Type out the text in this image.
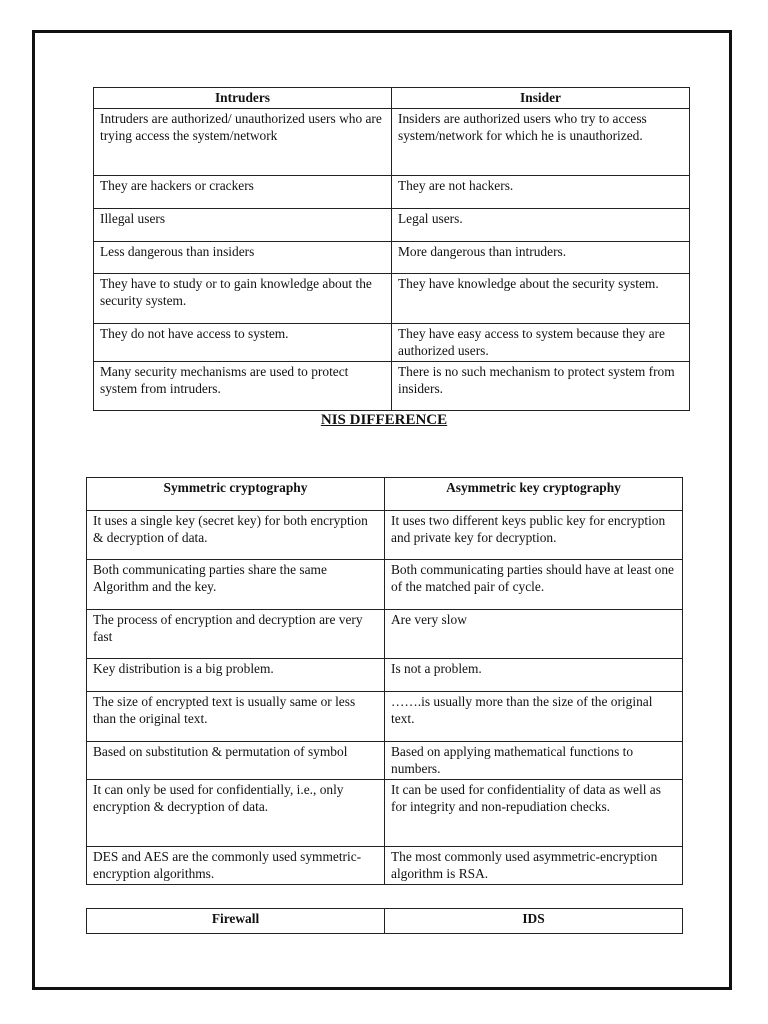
Intruders	Insider
Intruders are authorized/ unauthorized users who are trying access the system/network	Insiders are authorized users who try to access system/network for which he is unauthorized.
They are hackers or crackers	They are not hackers.
Illegal users	Legal users.
Less dangerous than insiders	More dangerous than intruders.
They have to study or to gain knowledge about the security system.	They have knowledge about the security system.
They do not have access to system.	They have easy access to system because they are authorized users.
Many security mechanisms are used to protect system from intruders.	There is no such mechanism to protect system from insiders.
NIS DIFFERENCE
Symmetric cryptography	Asymmetric key cryptography
It uses a single key (secret key) for both encryption & decryption of data.	It uses two different keys public key for encryption and private key for decryption.
Both communicating parties share the same Algorithm and the key.	Both communicating parties should have at least one of the matched pair of cycle.
The process of encryption and decryption are very fast	Are very slow
Key distribution is a big problem.	Is not a problem.
The size of encrypted text is usually same or less than the original text.	…….is usually more than the size of the original text.
Based on substitution & permutation of symbol	Based on applying mathematical functions to numbers.
It can only be used for confidentially, i.e., only encryption & decryption of data.	It can be used for confidentiality of data as well as for integrity and non-repudiation checks.
DES and AES are the commonly used symmetric-encryption algorithms.	The most commonly used asymmetric-encryption algorithm is RSA.
Firewall	IDS
